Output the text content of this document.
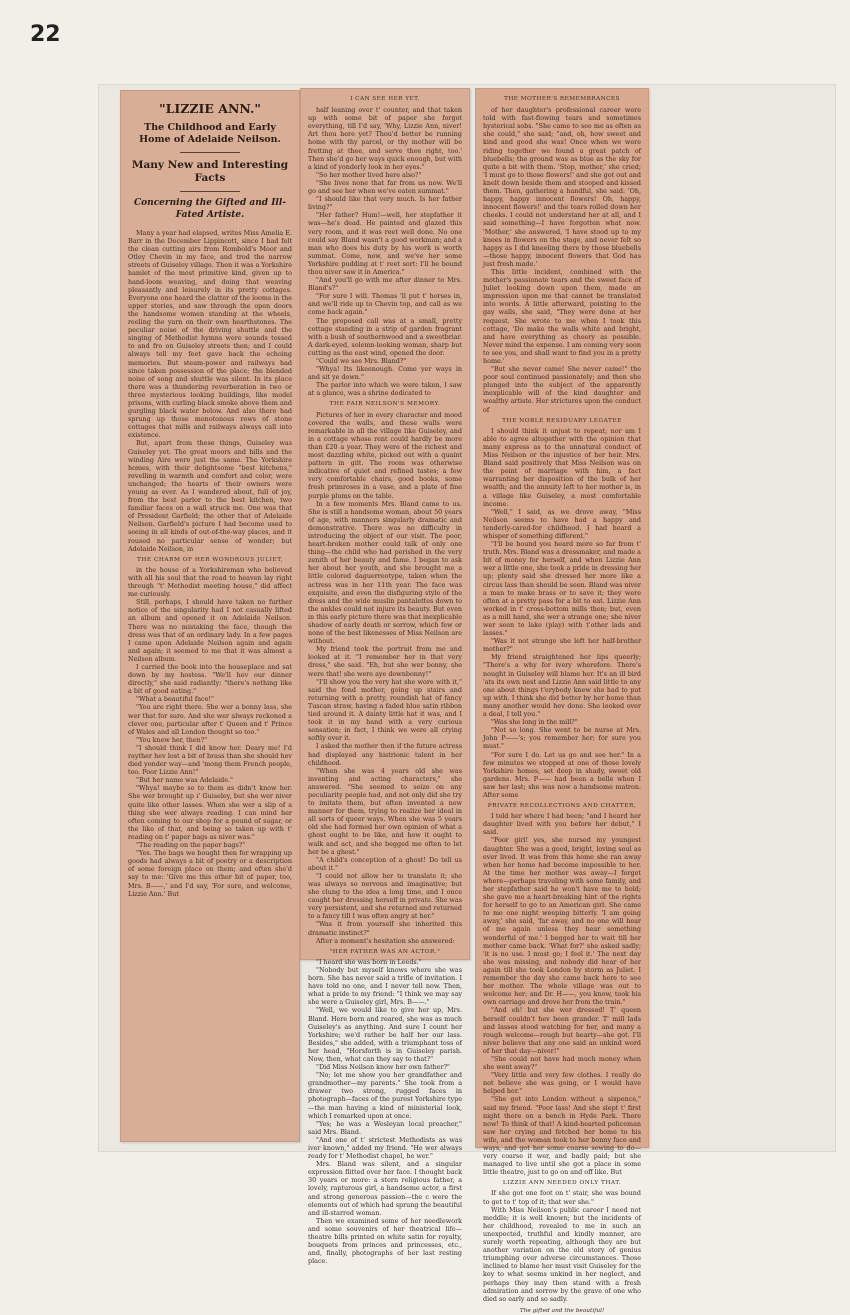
22
"LIZZIE ANN."
The Childhood and Early Home of Adelaide Neilson.
Many New and Interesting Facts
Concerning the Gifted and Ill-Fated Artiste.

Many a year had elapsed, writes Miss Amelia E. Barr in the December Lippincott, since I had felt the clean cutting airs from Rombold's Moor and Otley Chevin in my face, and trod the narrow streets of Guiseley village. Then it was a Yorkshire hamlet of the most primitive kind, given up to hand-loom weaving, and doing that weaving pleasantly and leisurely in its pretty cottages. Everyone one heard the clatter of the looms in the upper stories, and saw through the open doors the handsome women standing at the wheels, reeling the yarn on their own hearthstones. The peculiar noise of the driving shuttle and the singing of Methodist hymns were sounds tossed to and fro on Guiseley streets then; and I could always tell my feet gave back the echoing memories. But steam-power and railways had since taken possession of the place; the blended noise of song and shuttle was silent. In its place there was a thundering reverberation in two or three mysterious looking buildings, like model prisons, with curling black smoke above them and gurgling black water below. And also there had sprung up those monotonous rows of stone cottages that mills and railways always call into existence.

But, apart from these things, Guiseley was Guiseley yet. The great moors and hills and the winding Aire were just the same. The Yorkshire homes, with their delightsome "best kitchens," revelling in warmth and comfort and color, were unchanged; the hearts of their owners were young as ever. As I wandered about, full of joy, from the best parlor to the best kitchen, two familiar faces on a wall struck me. One was that of President Garfield; the other that of Adelaide Neilson. Garfield's picture I had become used to seeing in all kinds of out-of-the-way places, and it roused no particular sense of wonder; but Adelaide Neilson, in

THE CHARM OF HER WONDROUS JULIET,

in the house of a Yorkshireman who believed with all his soul that the road to heaven lay right through "t' Methodist meeting house," did affect me curiously.

Still, perhaps, I should have taken no further notice of the singularity had I not casually lifted an album and opened it on Adelaide Neilson. There was no mistaking the face, though the dress was that of an ordinary lady. In a few pages I came upon Adelaide Neilson again and again and again; it seemed to me that it was almost a Neilson album.

I carried the book into the houseplace and sat down by my hostess. "We'll hev our dinner directly," she said radiantly: "there's nothing like a bit of good eating."

"What a beautiful face!"

"You are right there. She wer a bonny lass, she wer that for sure. And she wer always reckoned a clever one, particular after t' Queen and t' Prince of Wales and all London thought so too."

"You knew her, then?"

"I should think I did know her. Deary me! I'd rayther hev lost a bit of brass than she should hev died yonder way—and 'mong them French people, too. Poor Lizzie Ann!"

"But her name was Adelaide."

"Whya! maybe so to them as didn't know her. She wer brought up i' Guiseley, but she wer niver quite like other lasses. When she wer a slip of a thing she wer always reading. I can mind her often coming to our shop for a pound of sugar, or the like of that, and being so taken up with t' reading on t' paper bags as niver was."

"The reading on the paper bags?"

"Yes. The bags we bought then for wrapping up goods had always a bit of poetry or a description of some foreign place on them; and often she'd say to me: 'Give me this other bit of paper, too, Mrs. B——,' and I'd say, 'For sure, and welcome, Lizzie Ann.' But

I CAN SEE HER YET,

half leaning over t' counter, and that taken up with some bit of paper she forgot everything, till I'd say, 'Why, Lizzie Ann, niver! Art thou here yet? Thou'd better be running home with thy parcel, or thy mother will be fretting at thee, and serve thee right, too.' Then she'd go her ways quick enough, but with a kind of yonderly look in her eyes."

"So her mother lived here also?"

"She lives none that far from us now. We'll go and see her when we've eaten summat."

"I should like that very much. Is her father living?"

"Her father? Hum!—well, her stepfather it was—he's dead. He painted and glazed this very room, and it was reet well done. No one could say Bland wasn't a good workman; and a man who does his duty by his work is worth summat. Come, now, and we've her some Yorkshire pudding at t' reet sort: I'll be bound thou niver saw it in America."

"And you'll go with me after dinner to Mrs. Bland's?"

"For sure I will. Thomas 'll put t' horses in, and we'll ride up to Chevin top, and call as we come back again."

The proposed call was at a small, pretty cottage standing in a strip of garden fragrant with a bush of southernwood and a sweetbriar. A dark-eyed, solemn-looking woman, sharp but cutting as the east wind, opened the door.

"Could we see Mrs. Bland?"

"Whya! Its likeenough. Come yer ways in and sit ye down."

The parlor into which we were taken, I saw at a glance, was a shrine dedicated to

THE FAIR NEILSON'S MEMORY.

Pictures of her in every character and mood covered the walls, and these walls were remarkable in all the village like Guiseley, and in a cottage whose rent could hardly be more than £20 a year. They were of the richest and most dazzling white, picked out with a quaint pattern in gilt. The room was otherwise indicative of quiet and refined tastes; a few very comfortable chairs, good books, some fresh primroses in a vase, and a plate of fine purple plums on the table.

In a few moments Mrs. Bland came to us. She is still a handsome woman, about 50 years of age, with manners singularly dramatic and demonstrative. There was no difficulty in introducing the object of our visit. The poor, heart-broken mother could talk of only one thing—the child who had perished in the very zenith of her beauty and fame. I began to ask her about her youth, and she brought me a little colored daguerreotype, taken when the actress was in her 11th year. The face was exquisite, and even the disfiguring style of the dress and the wide muslin pantalettes down to the ankles could not injure its beauty. But even in this early picture there was that inexplicable shadow of early death or sorrow, which few or none of the best likenesses of Miss Neilson are without.

My friend took the portrait from me and looked at it. "I remember her in that very dress," she said. "Eh, but she wer bonny, she were that! she were aye downbonny!"

"I'll show you the very hat she wore with it," said the fond mother, going up stairs and returning with a pretty, roundish hat of fancy Tuscan straw, having a faded blue satin ribbon tied around it. A dainty little hat it was, and I took it in my hand with a very curious sensation; in fact, I think we were all crying softly over it.

I asked the mother then if the future actress had displayed any histrionic talent in her childhood.

"When she was 4 years old she was inventing and acting characters," she answered. "She seemed to seize on any peculiarity people had, and not only did she try to imitate them, but often invented a new manner for them, trying to realize her ideal in all sorts of queer ways. When she was 5 years old she had formed her own opinion of what a ghost ought to be like, and how it ought to walk and act, and she begged me often to let her be a ghost."

"A child's conception of a ghost! Do tell us about it."

"I could not allow her to translate it; she was always so nervous and imaginative; but she clung to the idea a long time, and I once caught her dressing herself in private. She was very persistent, and she returned and returned to a fancy till I was often angry at her."

"Was it from yourself she inherited this dramatic instinct?"

After a moment's hesitation she answered:

"HER FATHER WAS AN ACTOR."

"I heard she was born in Leeds."

"Nobody but myself knows where she was born. She has never said a trifle of invitation. I have told no one, and I never tell now. Then, what a pride to my friend: "I think we may say she were a Guiseley girl, Mrs. B——."

"Well, we would like to give her up, Mrs. Bland. Here born and reared, she was as much Guiseley's as anything. And sure I count her Yorkshire; we'd rather be half her our lass. Besides," she added, with a triumphant toss of her head, "Horsforth is in Guiseley parish. Now, then, what can they say to that?"

"Did Miss Neilson know her own father?"

"No; let me show you her grandfather and grandmother—my parents." She took from a drawer two strong, rugged faces in photograph—faces of the purest Yorkshire type—the man having a kind of ministerial look, which I remarked upon at once.

"Yes; he was a Wesleyan local preacher," said Mrs. Bland.

"And one of t' strictest Methodists as was iver known," added my friend. "He wer always ready for t' Methodist chapel, he wer."

Mrs. Bland was silent, and a singular expression flitted over her face. I thought back 30 years or more: a stern religious father, a lovely, rapturous girl, a handsome actor, a first and strong generous passion—the c were the elements out of which had sprung the beautiful and ill-starred woman.

Then we examined some of her needlework and some souvenirs of her theatrical life—theatre bills printed on white satin for royalty, bouquets from princes and princesses, etc., and, finally, photographs of her last resting place.

THE MOTHER'S REMEMBRANCES

of her daughter's professional career were told with fast-flowing tears and sometimes hysterical sobs. "She came to see me as often as she could," she said; "and, oh, how sweet and kind and good she was! Once when we were riding together we found a great patch of bluebells; the ground was as blue as the sky for quite a bit with them. 'Stop, mother,' she cried; 'I must go to those flowers!' and she got out and knelt down beside them and stooped and kissed them. Then, gathering a handful, she said: 'Oh, happy, happy innocent flowers! Oh, happy, innocent flowers!' and the tears rolled down her cheeks. I could not understand her at all, and I said something—I have forgotten what now. 'Mother,' she answered, 'I have stood up to my knees in flowers on the stage, and never felt so happy as I did kneeling there by those bluebells—those happy, innocent flowers that God has just fresh made.'

This little incident, combined with the mother's passionate tears and the sweet face of Juliet looking down upon them, made an impression upon me that cannot be translated into words. A little afterward, pointing to the gay walls, she said, "They were done at her request. She wrote to me when I took this cottage, 'Do make the walls white and bright, and have everything as cheery as possible. Never mind the expense. I am coming very soon to see you, and shall want to find you in a pretty home.'

"But she never came! She never came!" the poor soul continued passionately; and then she plunged into the subject of the apparently inexplicable will of the kind daughter and wealthy artiste. Her strictures upon the conduct of

THE NOBLE RESIDUARY LEGATEE

I should think it unjust to repeat; nor am I able to agree altogether with the opinion that many express as to the unnatural conduct of Miss Neilson or the injustice of her heir. Mrs. Bland said positively that Miss Neilson was on the point of marriage with him, a fact warranting her disposition of the bulk of her wealth; and the annuity left to her mother is, in a village like Guiseley, a most comfortable income.

"Well," I said, as we drove away, "Miss Neilson seems to have had a happy and tenderly-cared-for childhood. I had heard a whisper of something different."

"I'll be bound you heard more so far from t' truth. Mrs. Bland was a dressmaker, and made a bit of money for herself, and when Lizzie Ann wer a little one, she took a pride in dressing her up; plenty said she dressed her more like a circus lass than should be seen. Bland was niver a man to make brass or to save it; they were often at a pretty pass for a bit to eat. Lizzie Ann worked in t' cross-bottom mills then; but, even as a mill hand, she wer a strange one; she niver wer seen to lake (play) with t'other lads and lasses."

"Was it not strange she left her half-brother mother?"

My friend straightened her lips queerly; "There's a why for ivery wherefore. There's nought in Guiseley will blame her. It's an ill bird 'ats its own nest and Lizzie Ann said little to any one about things t'erybody knew she had to put up with. I think she did better by her home than many another would hev done. She looked over a deal, I tell you."

"Was she long in the mill?"

"Not so long. She went to be nurse at Mrs. John P——'s; you remember her; for sure you must."

"For sure I do. Let us go and see her." In a few minutes we stopped at one of those lovely Yorkshire homes, set deep in shady, sweet old gardens. Mrs. P—— had been a belle when I saw her last; she was now a handsome matron. After some

PRIVATE RECOLLECTIONS AND CHATTER,

I told her where I had been; "and I heard her daughter lived with you before her debut," I said.

"Poor girl! yes, she nursed my youngest daughter. She was a good, bright, loving soul as ever lived. It was from this home she ran away when her home had become impossible to her. At the time her mother was away—I forget where—perhaps traveling with some family, and her stepfather said he won't have me to hold; she gave me a heart-breaking hint of the rights for herself to go to an American girl. She came to me one night weeping bitterly. 'I am going away,' she said, 'far away, and no one will hear of me again unless they hear something wonderful of me.' I begged her to wait till her mother came back. 'What for?' she asked sadly; 'it is no use. I must go; I feel it.' The next day she was missing, and nobody did hear of her again till she took London by storm as Juliet. I remember the day she came back here to see her mother. The whole village was out to welcome her; and Dr. H——, you know, took his own carriage and drove her from the train."

"And eh! but she wer dressed! T' queen herself couldn't hev been grander. T' mill lads and lasses stood watching for her, and many a rough welcome—rough but hearty—she got. I'll niver believe that any one said an unkind word of her that day—niver!"

"She could not have had much money when she went away?"

"Very little and very few clothes. I really do not believe she was going, or I would have helped her."

"She got into London without a sixpence," said my friend. "Poor lass! And she slept t' first night there on a bench in Hyde Park. There now! To think of that! A kind-hearted policeman saw her crying and fetched her home to his wife, and the woman took to her bonny face and ways, and got her some coarse sewing to do—very coarse it wer, and badly paid; but she managed to live until she got a place in some little theatre, just to go on and off like. But

LIZZIE ANN NEEDED ONLY THAT.

If she got one foot on t' stair, she was bound to get to t' top of it; that wer she."

With Miss Neilson's public career I need not meddle; it is well known; but the incidents of her childhood, revealed to me in such an unexpected, truthful and kindly manner, are surely worth repeating, although they are but another variation on the old story of genius triumphing over adverse circumstances. Those inclined to blame her must visit Guiseley for the key to what seems unkind in her neglect, and perhaps they may then stand with a fresh admiration and sorrow by the grave of one who died so early and so sadly.

The gifted and the beautiful!
